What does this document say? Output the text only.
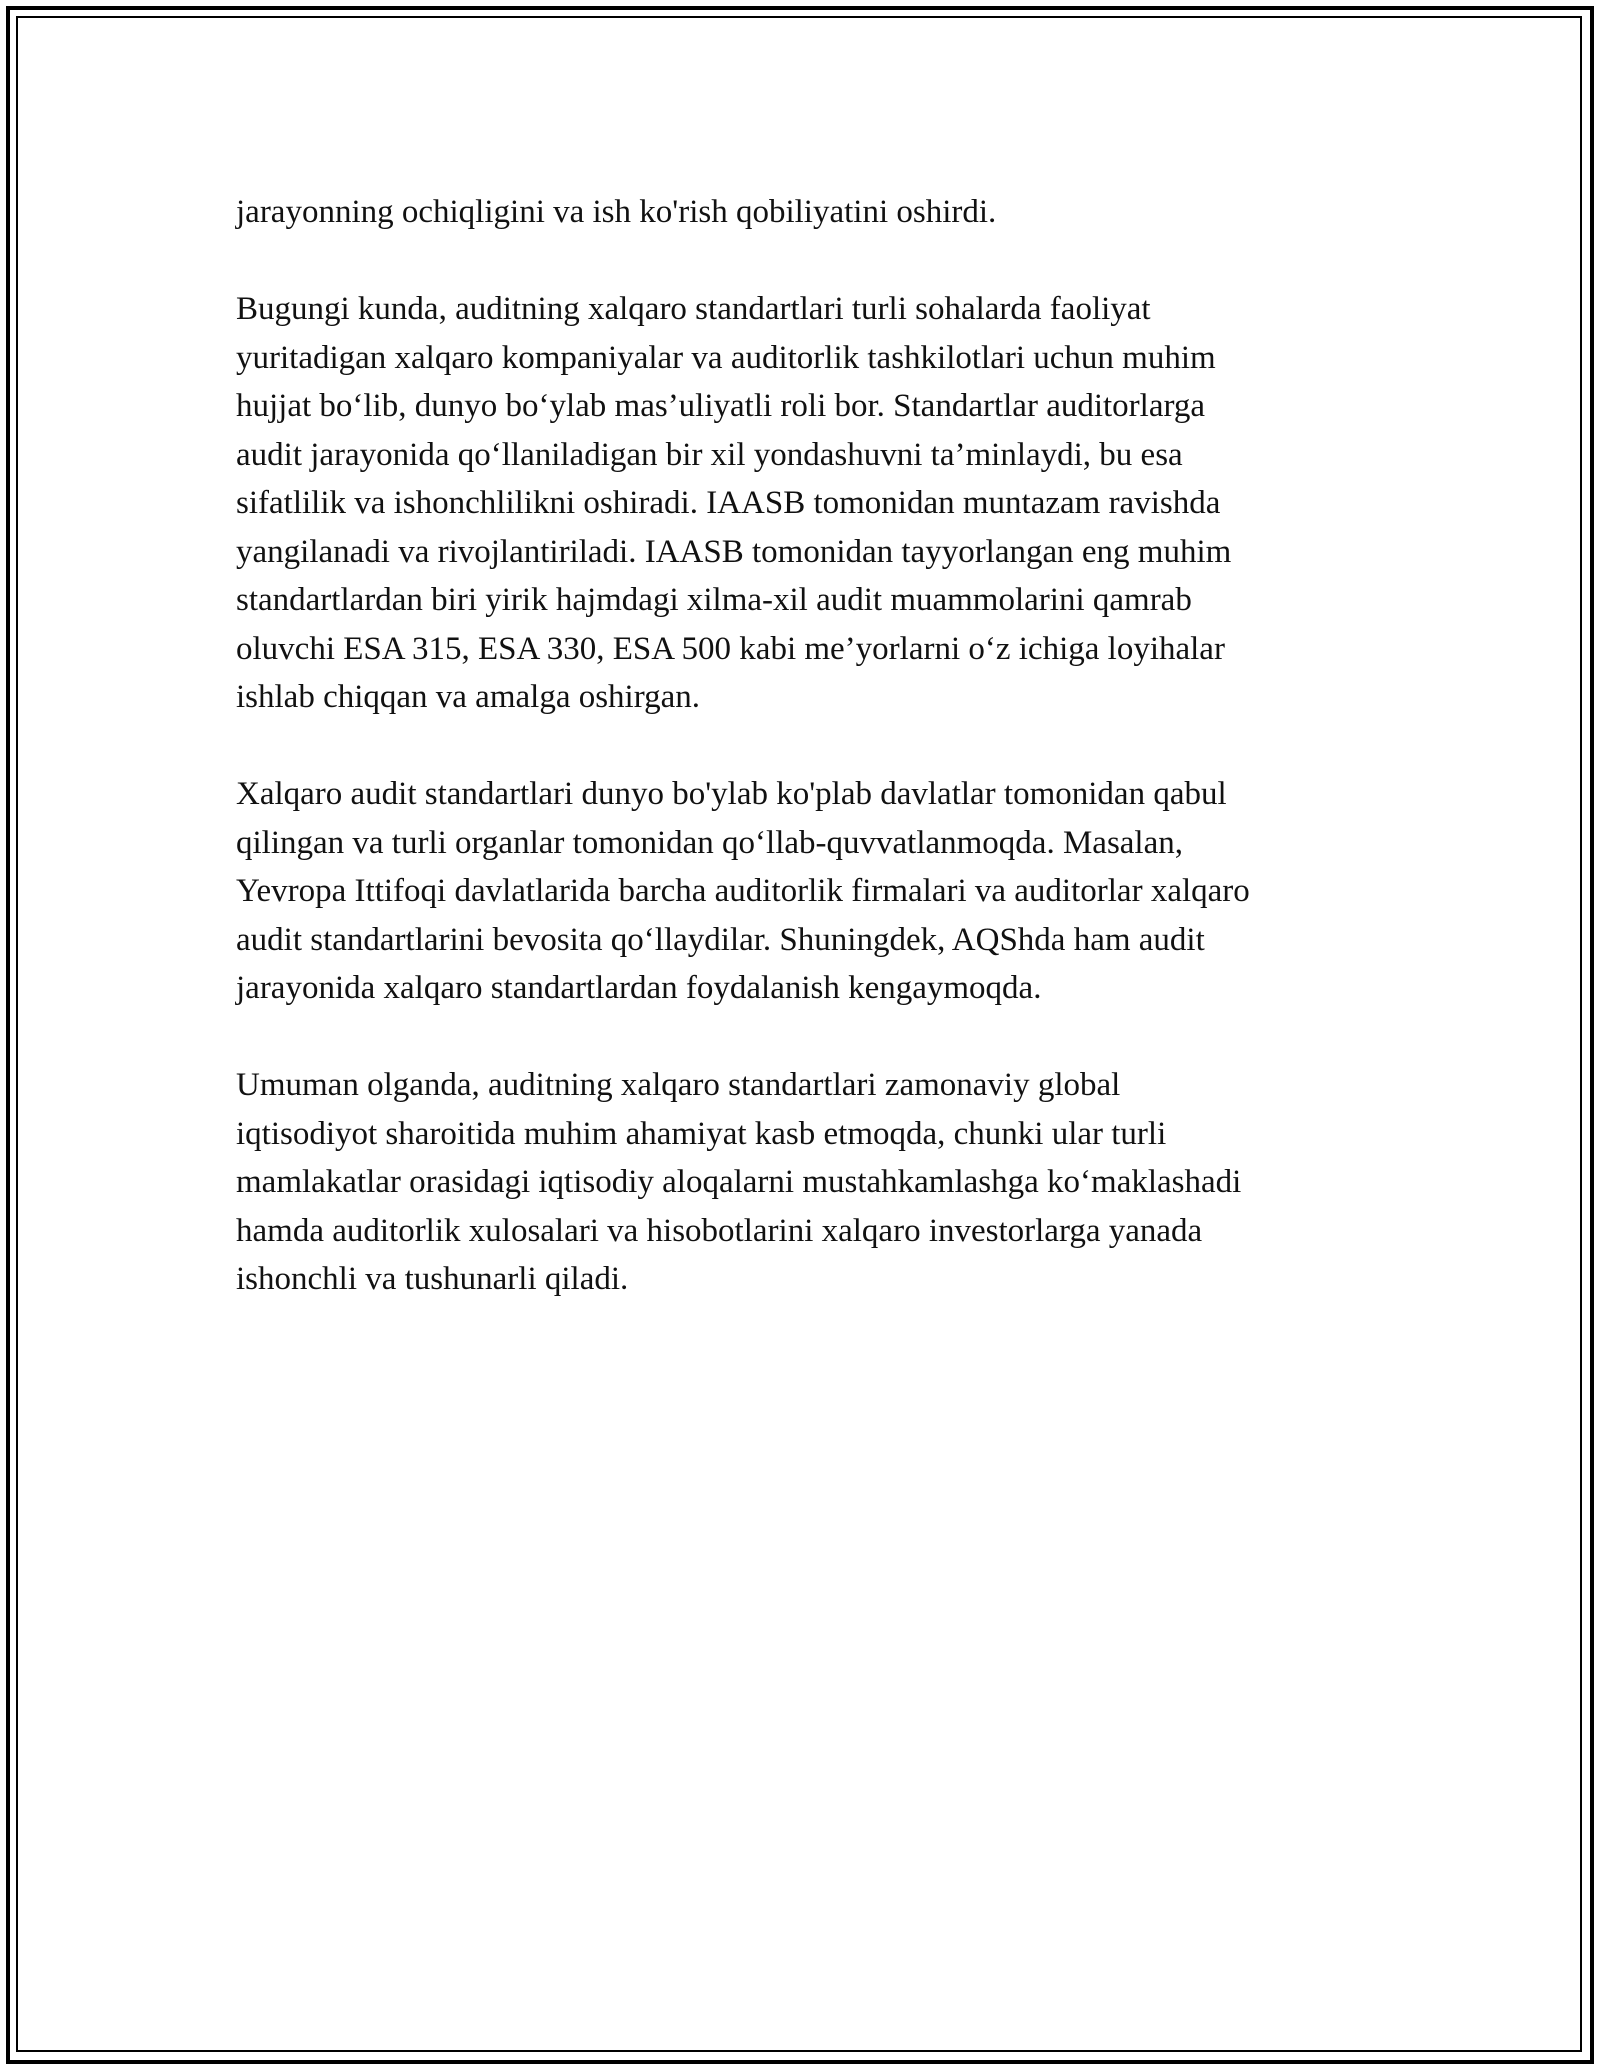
jarayonning ochiqligini va ish ko'rish qobiliyatini oshirdi.

Bugungi kunda, auditning xalqaro standartlari turli sohalarda faoliyat
yuritadigan xalqaro kompaniyalar va auditorlik tashkilotlari uchun muhim
hujjat bo‘lib, dunyo bo‘ylab mas’uliyatli roli bor. Standartlar auditorlarga
audit jarayonida qo‘llaniladigan bir xil yondashuvni ta’minlaydi, bu esa
sifatlilik va ishonchlilikni oshiradi. IAASB tomonidan muntazam ravishda
yangilanadi va rivojlantiriladi. IAASB tomonidan tayyorlangan eng muhim
standartlardan biri yirik hajmdagi xilma-xil audit muammolarini qamrab
oluvchi ESA 315, ESA 330, ESA 500 kabi me’yorlarni o‘z ichiga loyihalar
ishlab chiqqan va amalga oshirgan.

Xalqaro audit standartlari dunyo bo'ylab ko'plab davlatlar tomonidan qabul
qilingan va turli organlar tomonidan qo‘llab-quvvatlanmoqda. Masalan,
Yevropa Ittifoqi davlatlarida barcha auditorlik firmalari va auditorlar xalqaro
audit standartlarini bevosita qo‘llaydilar. Shuningdek, AQShda ham audit
jarayonida xalqaro standartlardan foydalanish kengaymoqda.

Umuman olganda, auditning xalqaro standartlari zamonaviy global
iqtisodiyot sharoitida muhim ahamiyat kasb etmoqda, chunki ular turli
mamlakatlar orasidagi iqtisodiy aloqalarni mustahkamlashga ko‘maklashadi
hamda auditorlik xulosalari va hisobotlarini xalqaro investorlarga yanada
ishonchli va tushunarli qiladi.
